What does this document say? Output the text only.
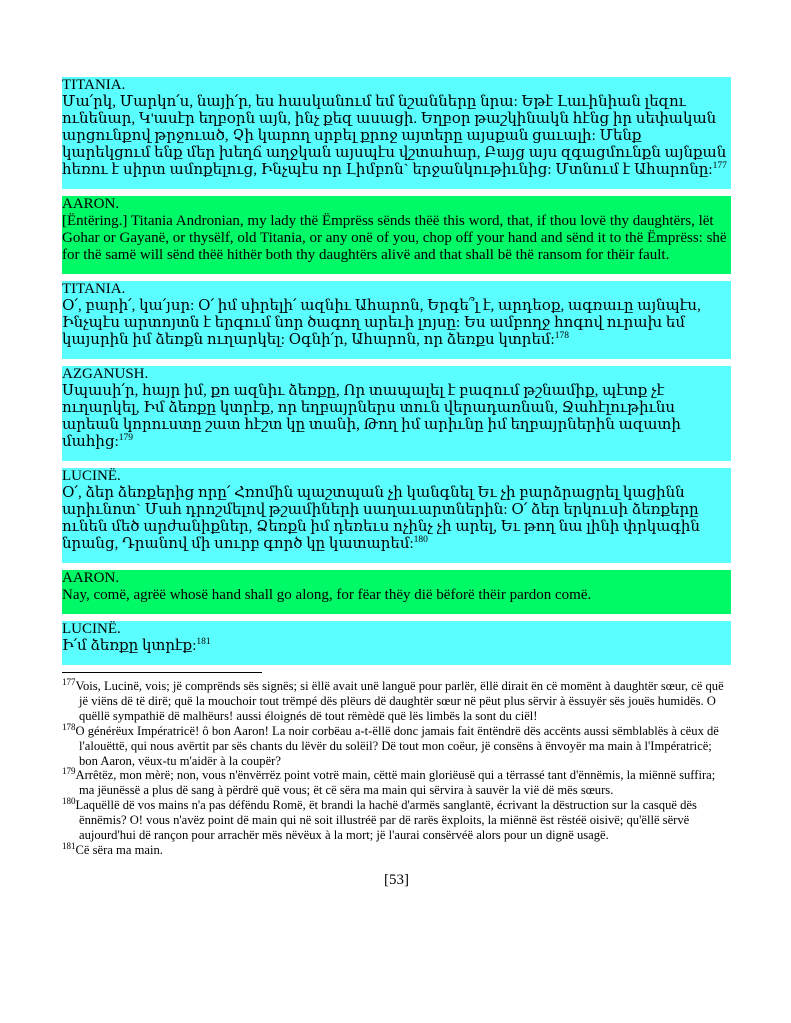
TITANIA.
Մա՛րկ, Մարկո՛ս, նայի՛ր, ես հասկանում եմ նշանները նրա: Եթէ Լաւինիան լեզու ունենար, Կ'ասէր եղբօրն այն, ինչ քեզ ասացի. Եղբօր թաշկինակն հէնց իր սեփական արցունքով թրջուած, Չի կարող սրբել քրոջ այտերը այսքան ցաւալի: Մենք կարեկցում ենք մեր խեղճ աղջկան այսպէս վշտահար, Բայց այս զգացմունքն այնքան հեռու է սիրտ ամոքելուց, Ինչպէս որ Լիմբոն` երջանկութիւնից: Մտնում է Ահարոնը:$^{177}$
AARON.
[Ëntëring.] Titania Andronian, my lady thë Ëmprëss sënds thëë this word, that, if thou lovë thy daughtërs, lët Gohar or Gayanë, or thysëlf, old Titania, or any onë of you, chop off your hand and sënd it to thë Ëmprëss: shë for thë samë will sënd thëë hithër both thy daughtërs alivë and that shall bë thë ransom for thëir fault.
TITANIA.
Օ՛, բարի՛, կա՛յսր: Օ՛ իմ սիրելի՛ ազնիւ Ահարոն, Երգե՞լ է, արդեօք, ագռաւը այնպէս, Ինչպէս արտոյտն է երգում նոր ծագող արեւի լոյսը: Ես ամբողջ հոգով ուրախ եմ կայսրին իմ ձեռքն ուղարկել: Օգնի՛ր, Ահարոն, որ ձեռքս կտրեմ:$^{178}$
AZGANUSH.
Սպասի՛ր, հայր իմ, քո ազնիւ ձեռքը, Որ տապալել է բազում թշնամիք, պէտք չէ ուղարկել, Իմ ձեռքը կտրէք, որ եղբայրներս տուն վերադառնան, Ջահէլութիւնս արեան կորուստը շատ հէշտ կը տանի, Թող իմ արիւնը իմ եղբայրներին ազատի մահից:$^{179}$
LUCINË.
Օ՛, ձեր ձեռքերից որը՛ Հռոմին պաշտպան չի կանգնել Եւ չի բարձրացրել կացինն արիւնոտ` Մահ դրոշմելով թշամիների սաղաւարտներին: Օ՛ ձեր երկուսի ձեռքերը ունեն մեծ արժանիքներ, Ձեռքն իմ դեռեւս ոչինչ չի արել, Եւ թող նա լինի փրկագին նրանց, Դրանով մի սուրբ գործ կը կատարեմ:$^{180}$
AARON.
Nay, comë, agrëë whosë hand shall go along, for fëar thëy dië bëforë thëir pardon comë.
LUCINË.
Ի՛մ ձեռքը կտրէք:$^{181}$
$^{177}$Vois, Lucinë, vois; jë comprënds sës signës; si ëllë avait unë languë pour parlër, ëllë dirait ën cë momënt à daughtër sœur, cë quë jë viëns dë të dirë; quë la mouchoir tout trëmpé dës plëurs dë daughtër sœur në pëut plus sërvir à ëssuyër sës jouës humidës. O quëllë sympathië dë malhëurs! aussi éloignés dë tout rëmèdë quë lës limbës la sont du ciël!
$^{178}$O générëux Impératricë! ô bon Aaron! La noir corbëau a-t-ëllë donc jamais fait ëntëndrë dës accënts aussi sëmblablës à cëux dë l'alouëttë, qui nous avërtit par sës chants du lëvër du solëil? Dë tout mon coëur, jë consëns à ënvoyër ma main à l'Impératricë; bon Aaron, vëux-tu m'aidër à la coupër?
$^{179}$Arrêtëz, mon mèrë; non, vous n'ënvërrëz point votrë main, cëttë main gloriëusë qui a tërrassé tant d'ënnëmis, la miënnë suffira; ma jëunëssë a plus dë sang à përdrë quë vous; ët cë sëra ma main qui sërvira à sauvër la vië dë mës sœurs.
$^{180}$Laquëllë dë vos mains n'a pas défëndu Romë, ët brandi la hachë d'armës sanglantë, écrivant la dëstruction sur la casquë dës ënnëmis? O! vous n'avëz point dë main qui në soit illustréë par dë rarës ëxploits, la miënnë ëst rëstéë oisivë; qu'ëllë sërvë aujourd'hui dë rançon pour arrachër mës nëvëux à la mort; jë l'aurai consërvéë alors pour un dignë usagë.
$^{181}$Cë sëra ma main.
[53]
